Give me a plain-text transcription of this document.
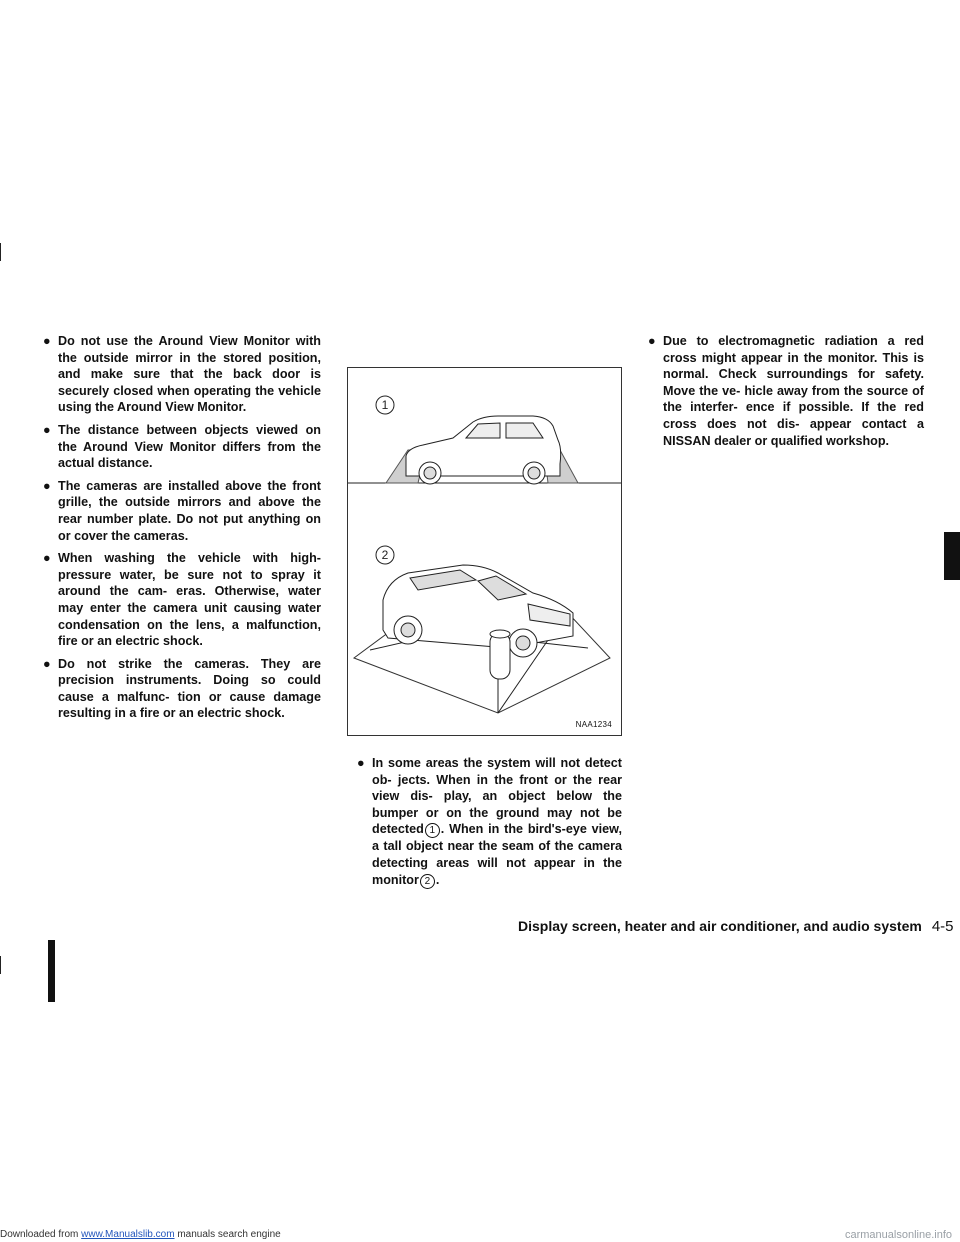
● Do not use the Around View Monitor with the outside mirror in the stored position, and make sure that the back door is securely closed when operating the vehicle using the Around View Monitor.

● The distance between objects viewed on the Around View Monitor differs from the actual distance.

● The cameras are installed above the front grille, the outside mirrors and above the rear number plate. Do not put anything on or cover the cameras.

● When washing the vehicle with high-pressure water, be sure not to spray it around the cam- eras. Otherwise, water may enter the camera unit causing water condensation on the lens, a malfunction, fire or an electric shock.

● Do not strike the cameras. They are precision instruments. Doing so could cause a malfunc- tion or cause damage resulting in a fire or an electric shock.

1
2
NAA1234

● In some areas the system will not detect ob- jects. When in the front or the rear view dis- play, an object below the bumper or on the ground may not be detected 1 . When in the bird's-eye view, a tall object near the seam of the camera detecting areas will not appear in the monitor 2 .

● Due to electromagnetic radiation a red cross might appear in the monitor. This is normal. Check surroundings for safety. Move the ve- hicle away from the source of the interfer- ence if possible. If the red cross does not dis- appear contact a NISSAN dealer or qualified workshop.

Display screen, heater and air conditioner, and audio system 4-5
Downloaded from www.Manualslib.com manuals search engine	carmanualsonline.info
